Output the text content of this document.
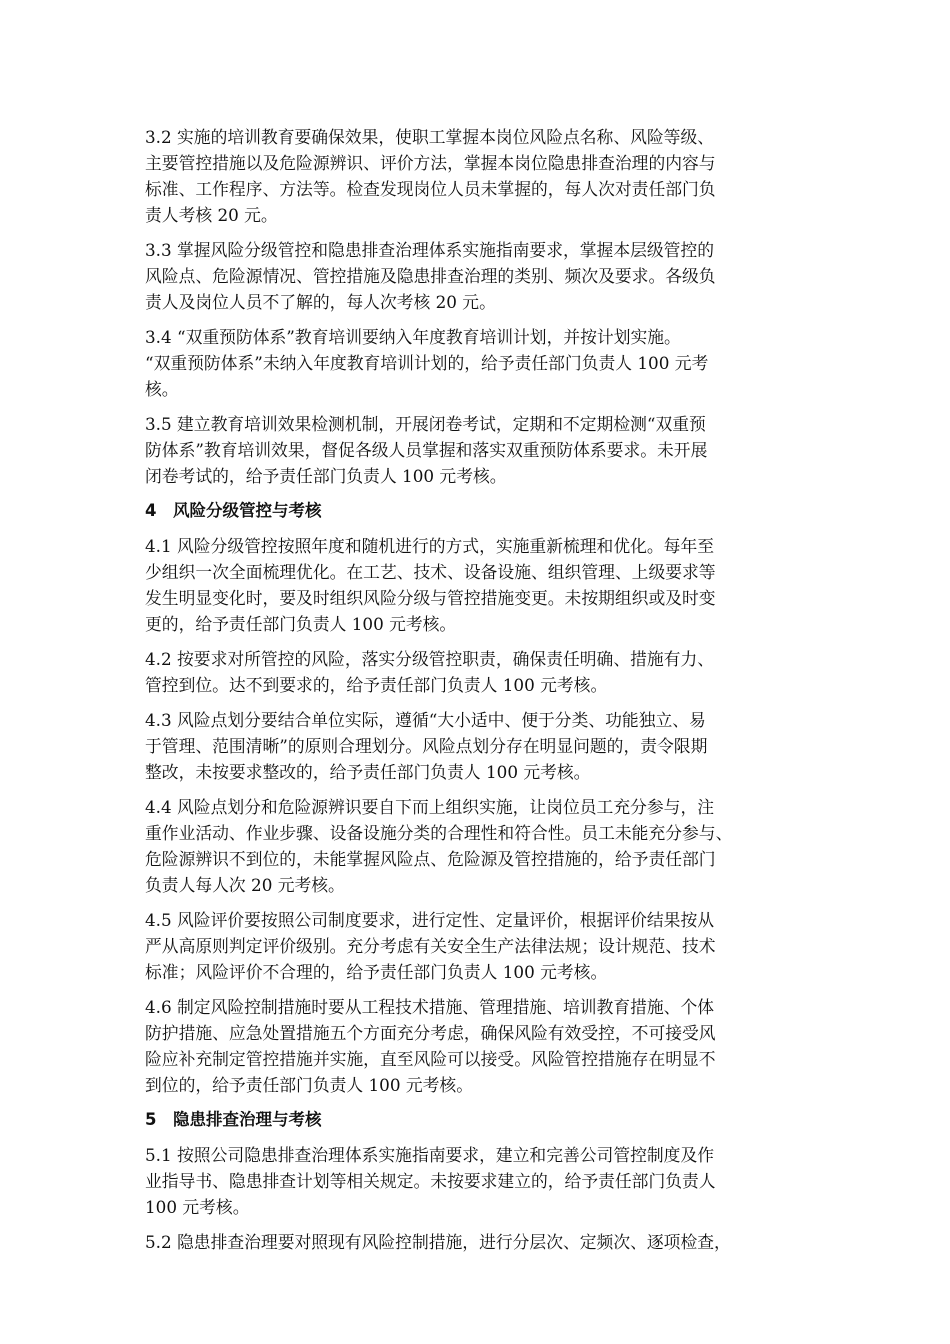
3.2 实施的培训教育要确保效果，使职工掌握本岗位风险点名称、风险等级、
主要管控措施以及危险源辨识、评价方法，掌握本岗位隐患排查治理的内容与
标准、工作程序、方法等。检查发现岗位人员未掌握的，每人次对责任部门负
责人考核 20 元。
3.3 掌握风险分级管控和隐患排查治理体系实施指南要求，掌握本层级管控的
风险点、危险源情况、管控措施及隐患排查治理的类别、频次及要求。各级负
责人及岗位人员不了解的，每人次考核 20 元。
3.4 “双重预防体系”教育培训要纳入年度教育培训计划，并按计划实施。
“双重预防体系”未纳入年度教育培训计划的，给予责任部门负责人 100 元考
核。
3.5 建立教育培训效果检测机制，开展闭卷考试，定期和不定期检测“双重预
防体系”教育培训效果，督促各级人员掌握和落实双重预防体系要求。未开展
闭卷考试的，给予责任部门负责人 100 元考核。
4　风险分级管控与考核
4.1 风险分级管控按照年度和随机进行的方式，实施重新梳理和优化。每年至
少组织一次全面梳理优化。在工艺、技术、设备设施、组织管理、上级要求等
发生明显变化时，要及时组织风险分级与管控措施变更。未按期组织或及时变
更的，给予责任部门负责人 100 元考核。
4.2 按要求对所管控的风险，落实分级管控职责，确保责任明确、措施有力、
管控到位。达不到要求的，给予责任部门负责人 100 元考核。
4.3 风险点划分要结合单位实际，遵循“大小适中、便于分类、功能独立、易
于管理、范围清晰”的原则合理划分。风险点划分存在明显问题的，责令限期
整改，未按要求整改的，给予责任部门负责人 100 元考核。
4.4 风险点划分和危险源辨识要自下而上组织实施，让岗位员工充分参与，注
重作业活动、作业步骤、设备设施分类的合理性和符合性。员工未能充分参与、
危险源辨识不到位的，未能掌握风险点、危险源及管控措施的，给予责任部门
负责人每人次 20 元考核。
4.5 风险评价要按照公司制度要求，进行定性、定量评价，根据评价结果按从
严从高原则判定评价级别。充分考虑有关安全生产法律法规；设计规范、技术
标准；风险评价不合理的，给予责任部门负责人 100 元考核。
4.6 制定风险控制措施时要从工程技术措施、管理措施、培训教育措施、个体
防护措施、应急处置措施五个方面充分考虑，确保风险有效受控，不可接受风
险应补充制定管控措施并实施，直至风险可以接受。风险管控措施存在明显不
到位的，给予责任部门负责人 100 元考核。
5　隐患排查治理与考核
5.1 按照公司隐患排查治理体系实施指南要求，建立和完善公司管控制度及作
业指导书、隐患排查计划等相关规定。未按要求建立的，给予责任部门负责人
100 元考核。
5.2 隐患排查治理要对照现有风险控制措施，进行分层次、定频次、逐项检查，
